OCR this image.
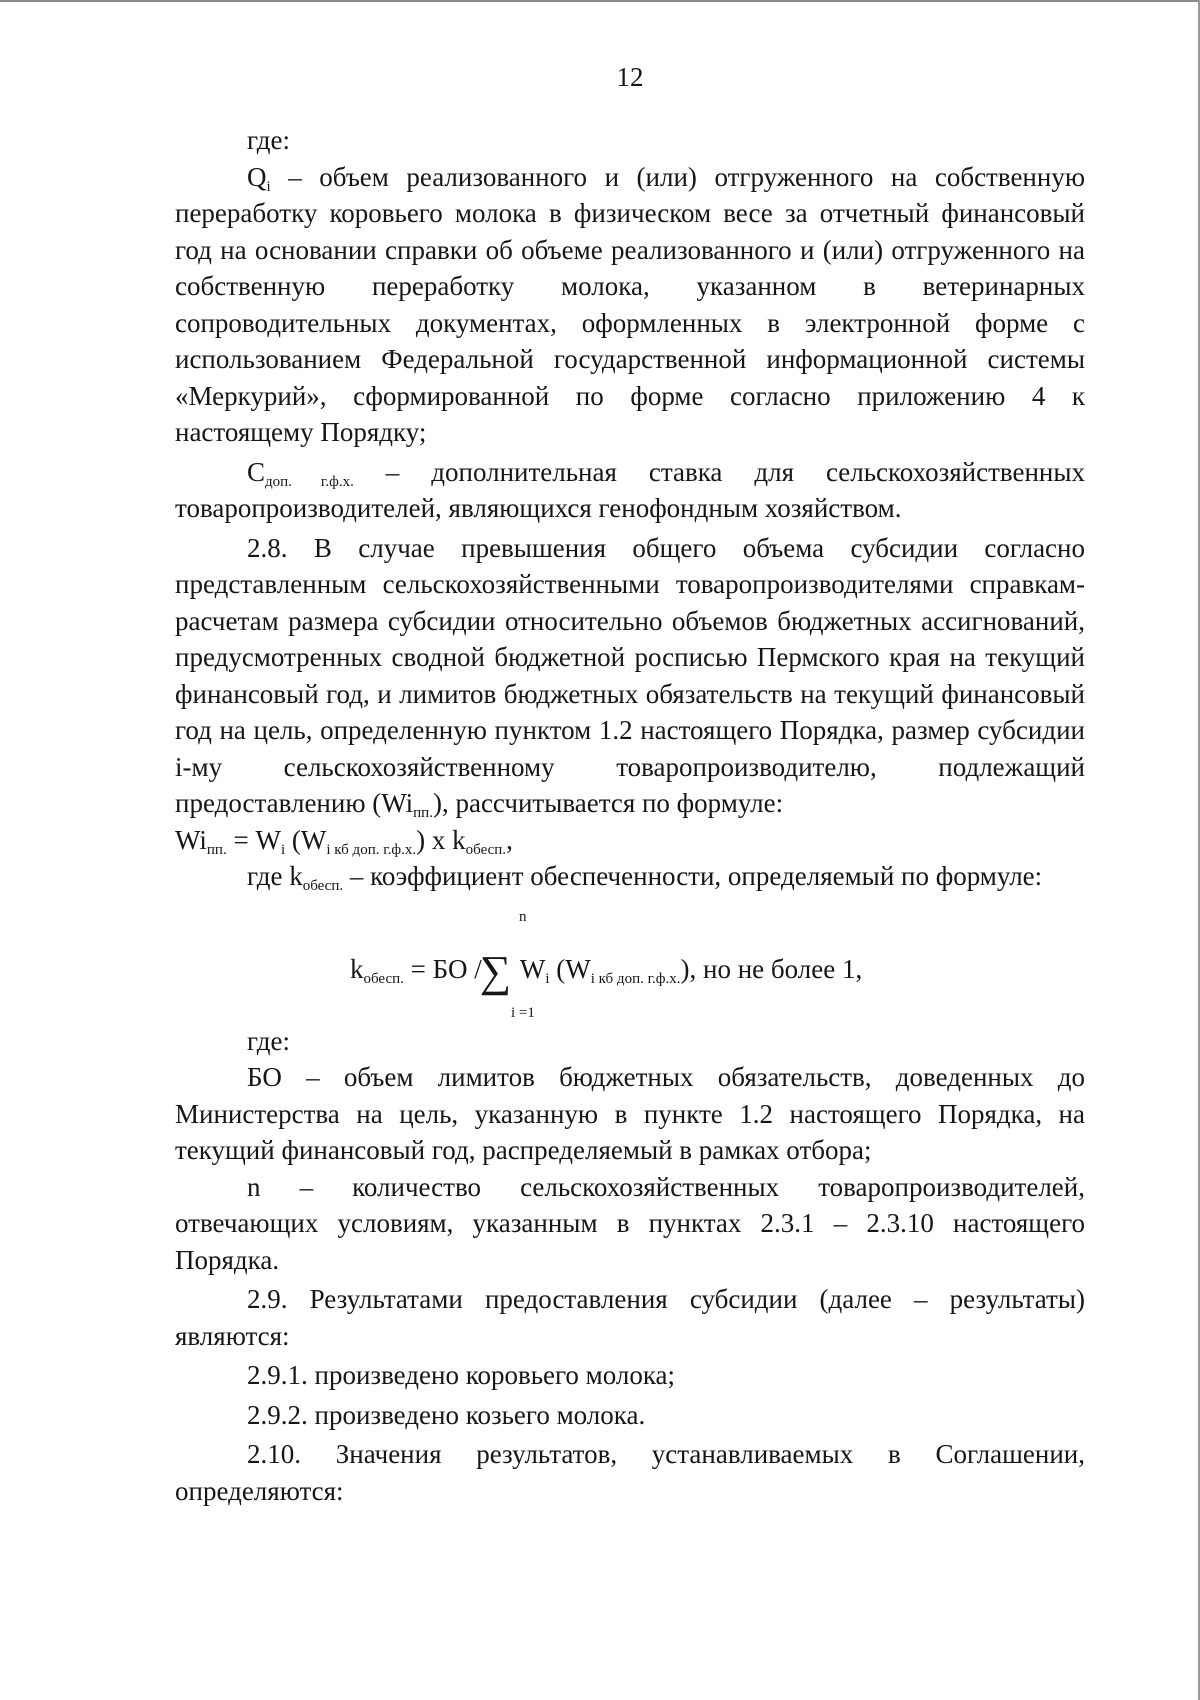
12

где:

$Q_i$ – объем реализованного и (или) отгруженного на собственную переработку коровьего молока в физическом весе за отчетный финансовый год на основании справки об объеме реализованного и (или) отгруженного на собственную переработку молока, указанном в ветеринарных сопроводительных документах, оформленных в электронной форме с использованием Федеральной государственной информационной системы «Меркурий», сформированной по форме согласно приложению 4 к настоящему Порядку;

$С_{доп. г.ф.х.}$ – дополнительная ставка для сельскохозяйственных товаропроизводителей, являющихся генофондным хозяйством.

2.8. В случае превышения общего объема субсидии согласно представленным сельскохозяйственными товаропроизводителями справкам-расчетам размера субсидии относительно объемов бюджетных ассигнований, предусмотренных сводной бюджетной росписью Пермского края на текущий финансовый год, и лимитов бюджетных обязательств на текущий финансовый год на цель, определенную пунктом 1.2 настоящего Порядка, размер субсидии i-му сельскохозяйственному товаропроизводителю, подлежащий предоставлению $(Wi_{пп.})$, рассчитывается по формуле:

$Wi_{пп.} = W_i$ $(W_{i кб доп. г.ф.х.})$ x $k_{обесп.}$,

где $k_{обесп.}$ – коэффициент обеспеченности, определяемый по формуле:

n
$k_{обесп.}$ = БО /∑ $W_i$ $(W_{i кб доп. г.ф.х.})$, но не более 1,
i =1

где:

БО – объем лимитов бюджетных обязательств, доведенных до Министерства на цель, указанную в пункте 1.2 настоящего Порядка, на текущий финансовый год, распределяемый в рамках отбора;

n – количество сельскохозяйственных товаропроизводителей, отвечающих условиям, указанным в пунктах 2.3.1 – 2.3.10 настоящего Порядка.

2.9. Результатами предоставления субсидии (далее – результаты) являются:

2.9.1. произведено коровьего молока;

2.9.2. произведено козьего молока.

2.10. Значения результатов, устанавливаемых в Соглашении, определяются:
